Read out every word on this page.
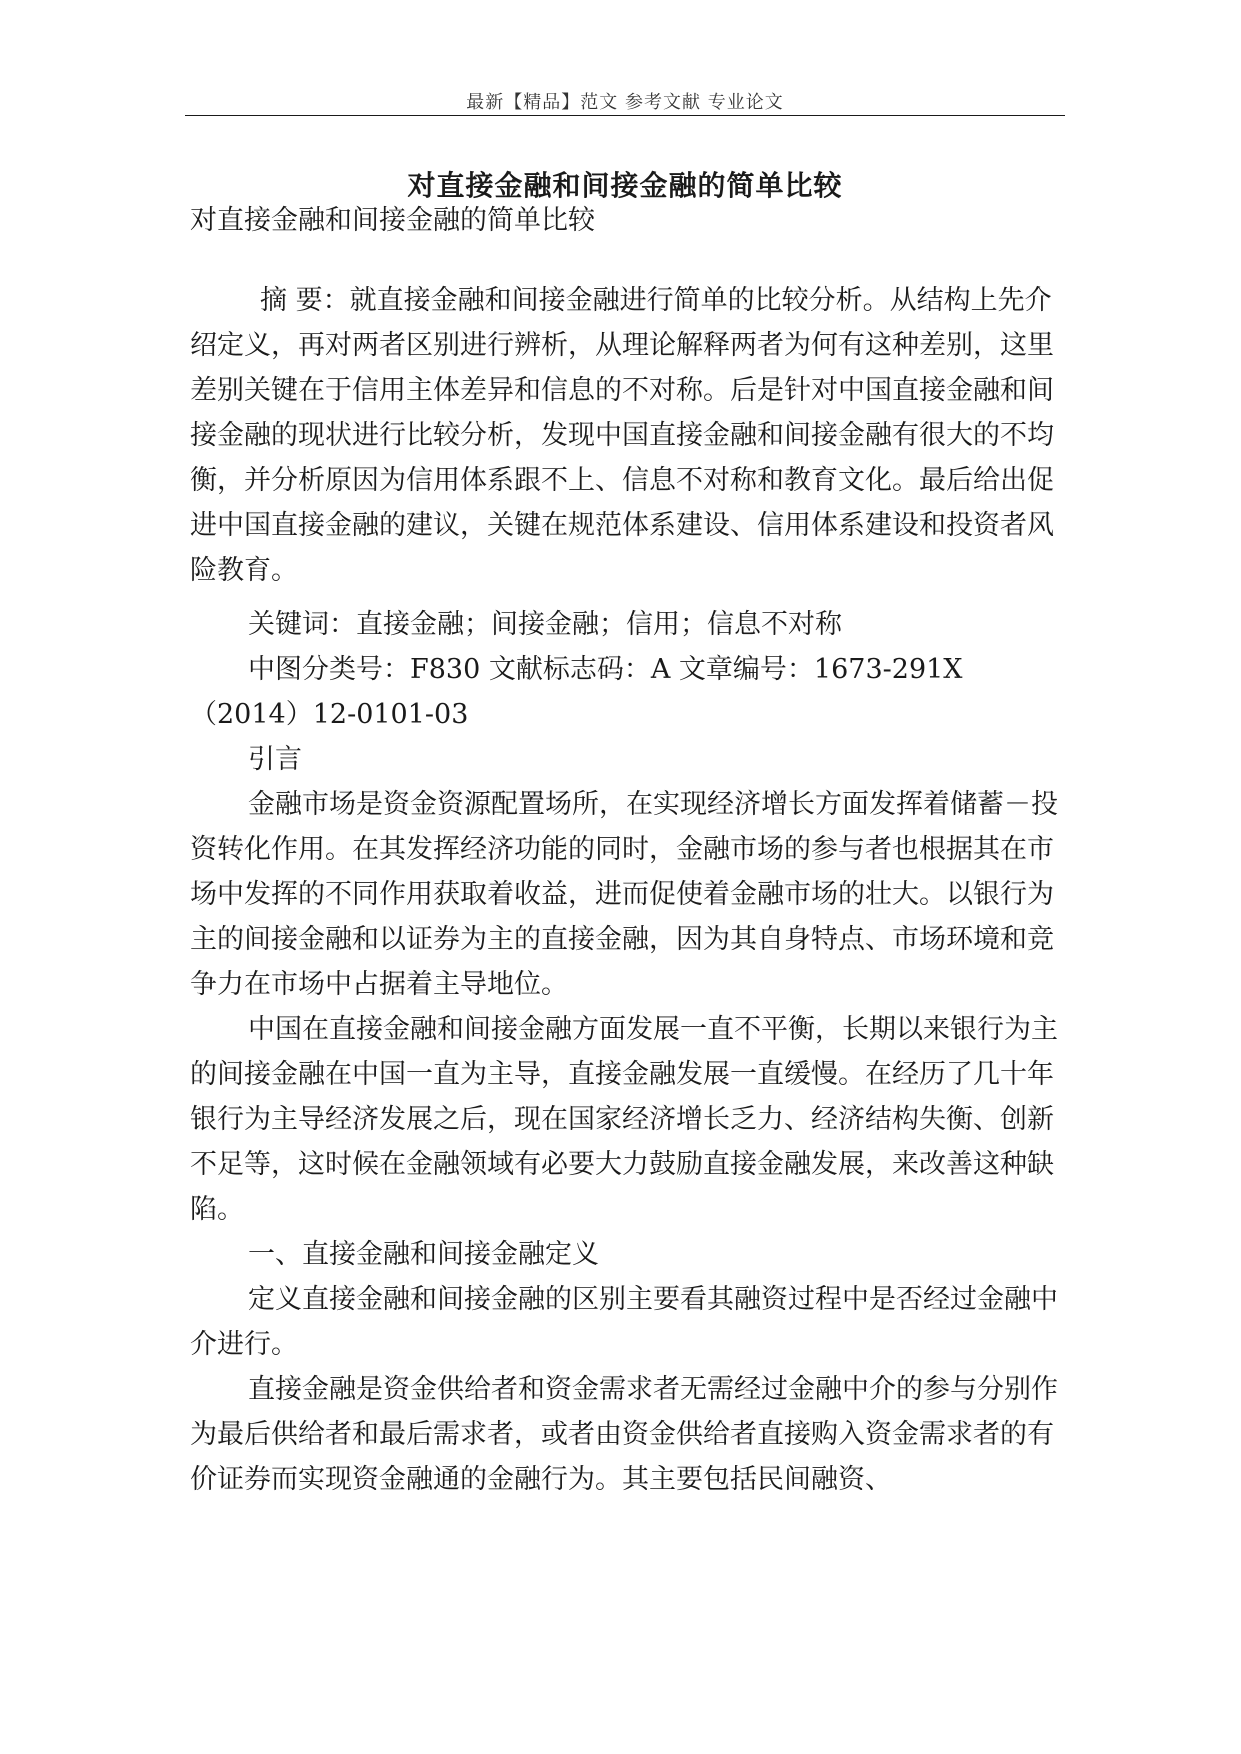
最新【精品】范文 参考文献 专业论文
对直接金融和间接金融的简单比较

对直接金融和间接金融的简单比较

摘 要：就直接金融和间接金融进行简单的比较分析。从结构上先介绍定义，再对两者区别进行辨析，从理论解释两者为何有这种差别，这里差别关键在于信用主体差异和信息的不对称。后是针对中国直接金融和间接金融的现状进行比较分析，发现中国直接金融和间接金融有很大的不均衡，并分析原因为信用体系跟不上、信息不对称和教育文化。最后给出促进中国直接金融的建议，关键在规范体系建设、信用体系建设和投资者风险教育。

关键词：直接金融；间接金融；信用；信息不对称

中图分类号：F830 文献标志码：A 文章编号：1673-291X

（2014）12-0101-03

引言

金融市场是资金资源配置场所，在实现经济增长方面发挥着储蓄－投资转化作用。在其发挥经济功能的同时，金融市场的参与者也根据其在市场中发挥的不同作用获取着收益，进而促使着金融市场的壮大。以银行为主的间接金融和以证券为主的直接金融，因为其自身特点、市场环境和竞争力在市场中占据着主导地位。

中国在直接金融和间接金融方面发展一直不平衡，长期以来银行为主的间接金融在中国一直为主导，直接金融发展一直缓慢。在经历了几十年银行为主导经济发展之后，现在国家经济增长乏力、经济结构失衡、创新不足等，这时候在金融领域有必要大力鼓励直接金融发展，来改善这种缺陷。

一、直接金融和间接金融定义

定义直接金融和间接金融的区别主要看其融资过程中是否经过金融中介进行。

直接金融是资金供给者和资金需求者无需经过金融中介的参与分别作为最后供给者和最后需求者，或者由资金供给者直接购入资金需求者的有价证券而实现资金融通的金融行为。其主要包括民间融资、
